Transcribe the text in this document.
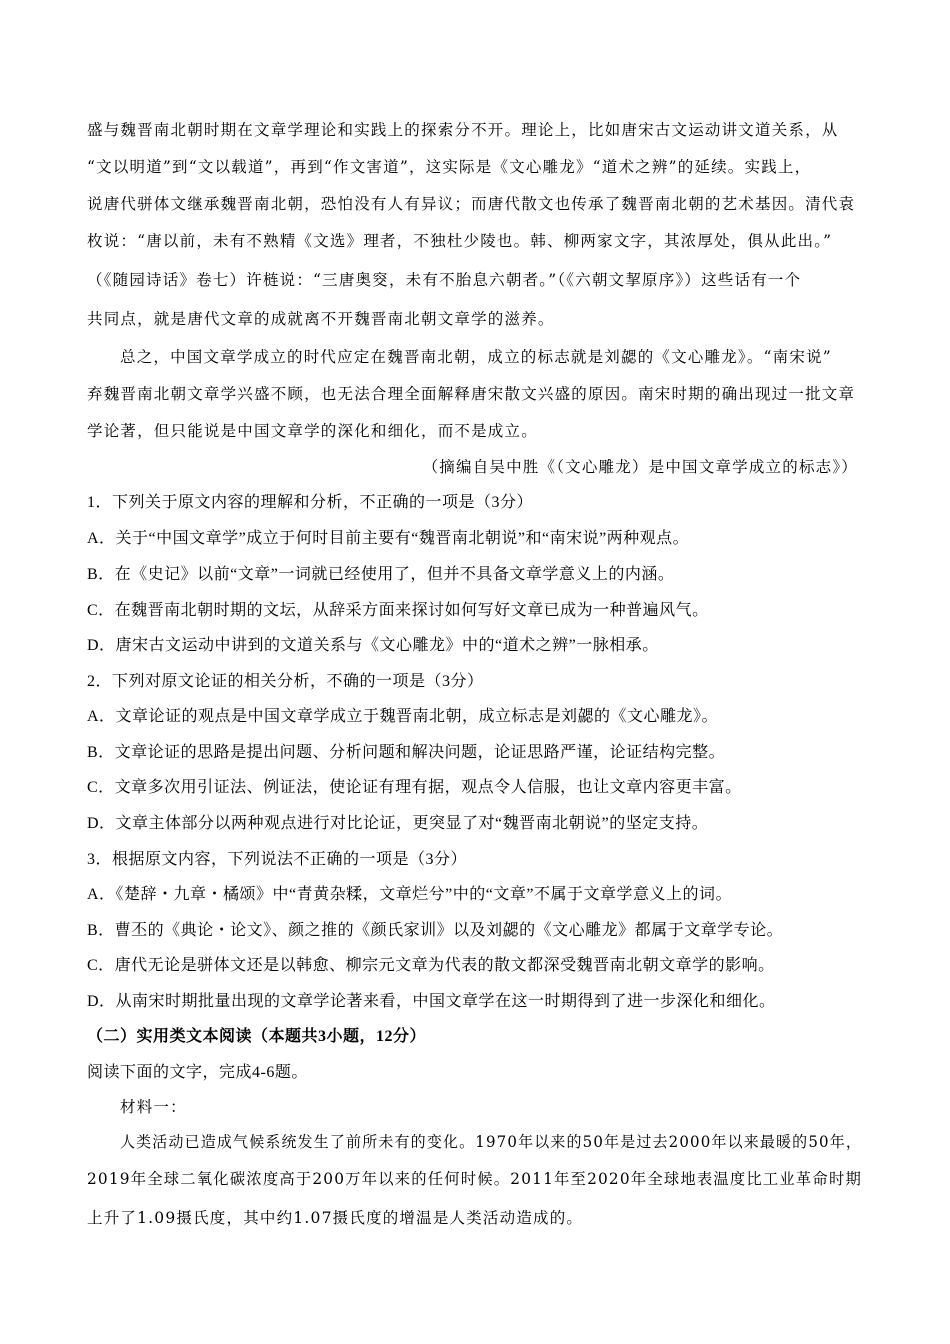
盛与魏晋南北朝时期在文章学理论和实践上的探索分不开。理论上，比如唐宋古文运动讲文道关系，从
“文以明道”到“文以载道”，再到“作文害道”，这实际是《文心雕龙》“道术之辨”的延续。实践上，
说唐代骈体文继承魏晋南北朝，恐怕没有人有异议；而唐代散文也传承了魏晋南北朝的艺术基因。清代袁
枚说：“唐以前，未有不熟精《文选》理者，不独杜少陵也。韩、柳两家文字，其浓厚处，俱从此出。”
（《随园诗话》卷七）许梿说：“三唐奥窔，未有不胎息六朝者。”（《六朝文挈原序》）这些话有一个
共同点，就是唐代文章的成就离不开魏晋南北朝文章学的滋养。
总之，中国文章学成立的时代应定在魏晋南北朝，成立的标志就是刘勰的《文心雕龙》。“南宋说”
弃魏晋南北朝文章学兴盛不顾，也无法合理全面解释唐宋散文兴盛的原因。南宋时期的确出现过一批文章
学论著，但只能说是中国文章学的深化和细化，而不是成立。
（摘编自吴中胜《（文心雕龙）是中国文章学成立的标志》）
1．下列关于原文内容的理解和分析，不正确的一项是（3分）
A．关于“中国文章学”成立于何时目前主要有“魏晋南北朝说”和“南宋说”两种观点。
B．在《史记》以前“文章”一词就已经使用了，但并不具备文章学意义上的内涵。
C．在魏晋南北朝时期的文坛，从辞采方面来探讨如何写好文章已成为一种普遍风气。
D．唐宋古文运动中讲到的文道关系与《文心雕龙》中的“道术之辨”一脉相承。
2．下列对原文论证的相关分析，不确的一项是（3分）
A．文章论证的观点是中国文章学成立于魏晋南北朝，成立标志是刘勰的《文心雕龙》。
B．文章论证的思路是提出问题、分析问题和解决问题，论证思路严谨，论证结构完整。
C．文章多次用引证法、例证法，使论证有理有据，观点令人信服，也让文章内容更丰富。
D．文章主体部分以两种观点进行对比论证，更突显了对“魏晋南北朝说”的坚定支持。
3．根据原文内容，下列说法不正确的一项是（3分）
A．《楚辞・九章・橘颂》中“青黄杂糅，文章烂兮”中的“文章”不属于文章学意义上的词。
B．曹丕的《典论・论文》、颜之推的《颜氏家训》以及刘勰的《文心雕龙》都属于文章学专论。
C．唐代无论是骈体文还是以韩愈、柳宗元文章为代表的散文都深受魏晋南北朝文章学的影响。
D．从南宋时期批量出现的文章学论著来看，中国文章学在这一时期得到了进一步深化和细化。
（二）实用类文本阅读（本题共3小题，12分）
阅读下面的文字，完成4-6题。
材料一：
人类活动已造成气候系统发生了前所未有的变化。1970年以来的50年是过去2000年以来最暖的50年，
2019年全球二氧化碳浓度高于200万年以来的任何时候。2011年至2020年全球地表温度比工业革命时期
上升了1.09摄氏度，其中约1.07摄氏度的增温是人类活动造成的。
